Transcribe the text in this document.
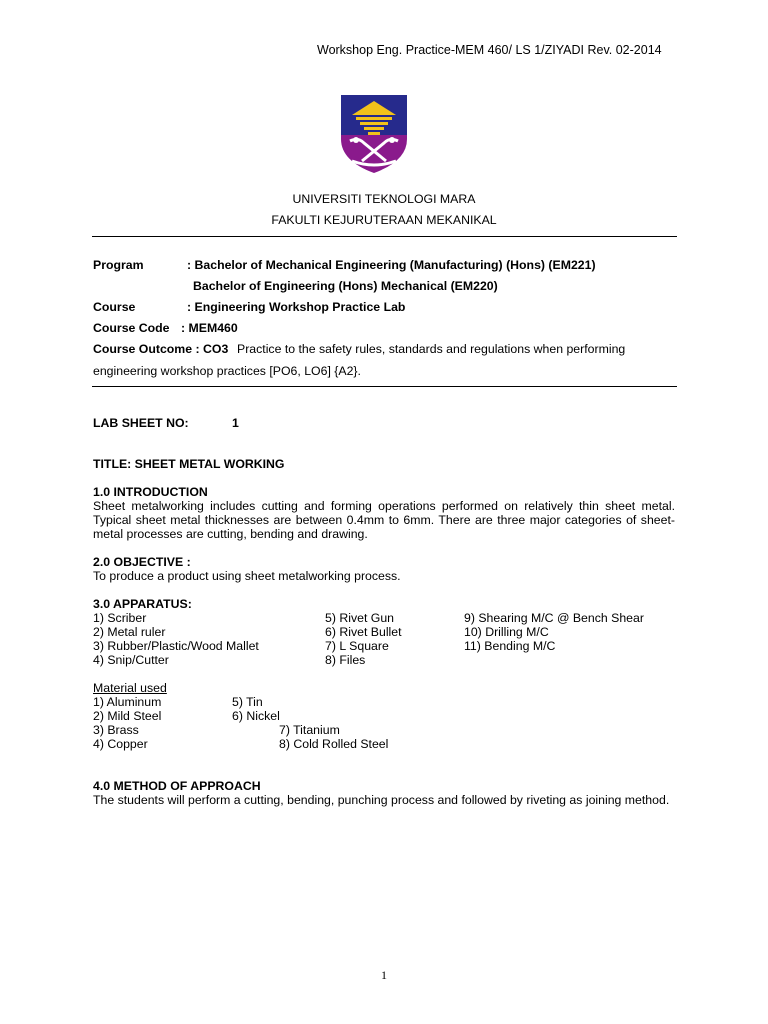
Workshop Eng. Practice-MEM 460/ LS 1/ZIYADI Rev. 02-2014
UNIVERSITI TEKNOLOGI MARA
FAKULTI KEJURUTERAAN MEKANIKAL
Program	: Bachelor of Mechanical Engineering (Manufacturing) (Hons) (EM221)
Bachelor of Engineering (Hons) Mechanical (EM220)
Course	: Engineering Workshop Practice Lab
Course Code : MEM460
Course Outcome : CO3 Practice to the safety rules, standards and regulations when performing
engineering workshop practices [PO6, LO6] {A2}.
LAB SHEET NO:	1
TITLE: SHEET METAL WORKING
1.0 INTRODUCTION
Sheet metalworking includes cutting and forming operations performed on relatively thin sheet metal. Typical sheet metal thicknesses are between 0.4mm to 6mm. There are three major categories of sheet-metal processes are cutting, bending and drawing.
2.0 OBJECTIVE :
To produce a product using sheet metalworking process.
3.0 APPARATUS:
1) Scriber
2) Metal ruler
3) Rubber/Plastic/Wood Mallet
4) Snip/Cutter
5) Rivet Gun
6) Rivet Bullet
7) L Square
8) Files
9) Shearing M/C @ Bench Shear
10) Drilling M/C
11) Bending M/C
Material used
1) Aluminum
2) Mild Steel
3) Brass
4) Copper
5) Tin
6) Nickel
7) Titanium
8) Cold Rolled Steel
4.0 METHOD OF APPROACH
The students will perform a cutting, bending, punching process and followed by riveting as joining method.
1
